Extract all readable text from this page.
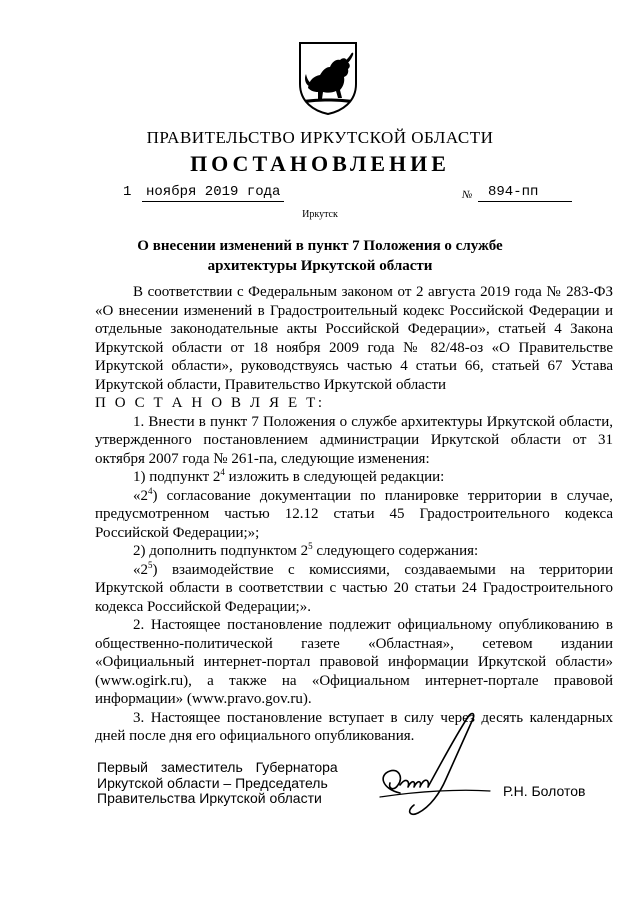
ПРАВИТЕЛЬСТВО ИРКУТСКОЙ ОБЛАСТИ
ПОСТАНОВЛЕНИЕ
1 ноября 2019 года	№	894-пп
Иркутск
О внесении изменений в пункт 7 Положения о службе архитектуры Иркутской области

В соответствии с Федеральным законом от 2 августа 2019 года № 283-ФЗ «О внесении изменений в Градостроительный кодекс Российской Федерации и отдельные законодательные акты Российской Федерации», статьей 4 Закона Иркутской области от 18 ноября 2009 года № 82/48-оз «О Правительстве Иркутской области», руководствуясь частью 4 статьи 66, статьей 67 Устава Иркутской области, Правительство Иркутской области

П О С Т А Н О В Л Я Е Т:

1. Внести в пункт 7 Положения о службе архитектуры Иркутской области, утвержденного постановлением администрации Иркутской области от 31 октября 2007 года № 261-па, следующие изменения:

1) подпункт $2^4$ изложить в следующей редакции:

«$2^4$) согласование документации по планировке территории в случае, предусмотренном частью 12.12 статьи 45 Градостроительного кодекса Российской Федерации;»;

2) дополнить подпунктом $2^5$ следующего содержания:

«$2^5$) взаимодействие с комиссиями, создаваемыми на территории Иркутской области в соответствии с частью 20 статьи 24 Градостроительного кодекса Российской Федерации;».

2. Настоящее постановление подлежит официальному опубликованию в общественно-политической газете «Областная», сетевом издании «Официальный интернет-портал правовой информации Иркутской области» (www.ogirk.ru), а также на «Официальном интернет-портале правовой информации» (www.pravo.gov.ru).

3. Настоящее постановление вступает в силу через десять календарных дней после дня его официального опубликования.

Первый заместитель Губернатора
Иркутской области – Председатель
Правительства Иркутской области	Р.Н. Болотов
